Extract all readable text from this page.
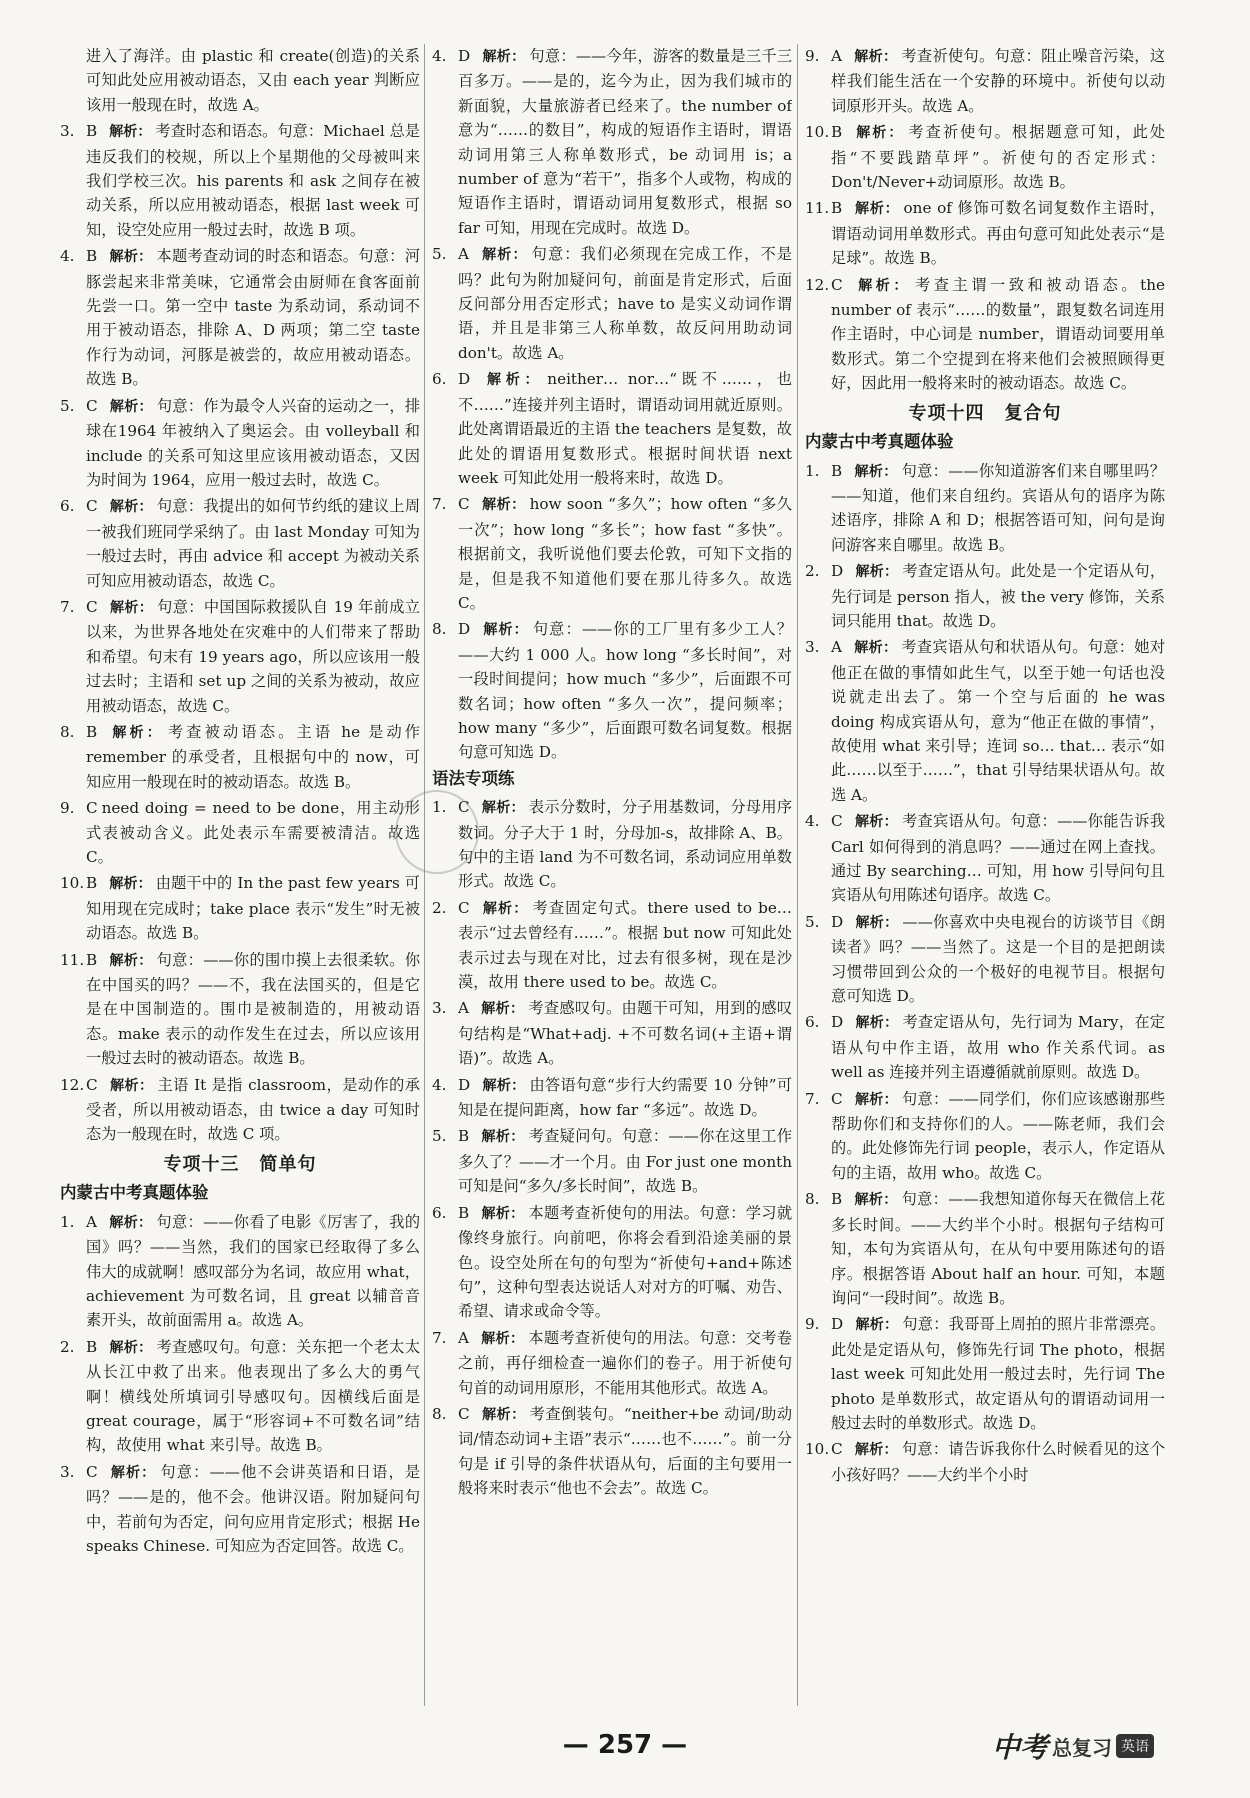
进入了海洋。由 plastic 和 create(创造)的关系可知此处应用被动语态，又由 each year 判断应该用一般现在时，故选 A。
3. B 解析： 考查时态和语态。句意：Michael 总是违反我们的校规，所以上个星期他的父母被叫来我们学校三次。his parents 和 ask 之间存在被动关系，所以应用被动语态，根据 last week 可知，设空处应用一般过去时，故选 B 项。
4. B 解析： 本题考查动词的时态和语态。句意：河豚尝起来非常美味，它通常会由厨师在食客面前先尝一口。第一空中 taste 为系动词，系动词不用于被动语态，排除 A、D 两项；第二空 taste 作行为动词，河豚是被尝的，故应用被动语态。故选 B。
5. C 解析： 句意：作为最令人兴奋的运动之一，排球在1964 年被纳入了奥运会。由 volleyball 和 include 的关系可知这里应该用被动语态，又因为时间为 1964，应用一般过去时，故选 C。
6. C 解析： 句意：我提出的如何节约纸的建议上周一被我们班同学采纳了。由 last Monday 可知为一般过去时，再由 advice 和 accept 为被动关系可知应用被动语态，故选 C。
7. C 解析： 句意：中国国际救援队自 19 年前成立以来，为世界各地处在灾难中的人们带来了帮助和希望。句末有 19 years ago，所以应该用一般过去时；主语和 set up 之间的关系为被动，故应用被动语态，故选 C。
8. B 解析： 考查被动语态。主语 he 是动作 remember 的承受者，且根据句中的 now，可知应用一般现在时的被动语态。故选 B。
9. C need doing = need to be done，用主动形式表被动含义。此处表示车需要被清洁。故选 C。
10. B 解析： 由题干中的 In the past few years 可知用现在完成时；take place 表示“发生”时无被动语态。故选 B。
11. B 解析： 句意：——你的围巾摸上去很柔软。你在中国买的吗？——不，我在法国买的，但是它是在中国制造的。围巾是被制造的，用被动语态。make 表示的动作发生在过去，所以应该用一般过去时的被动语态。故选 B。
12. C 解析： 主语 It 是指 classroom，是动作的承受者，所以用被动语态，由 twice a day 可知时态为一般现在时，故选 C 项。
专项十三 简单句
内蒙古中考真题体验
1. A 解析： 句意：——你看了电影《厉害了，我的国》吗？——当然，我们的国家已经取得了多么伟大的成就啊！感叹部分为名词，故应用 what，achievement 为可数名词，且 great 以辅音音素开头，故前面需用 a。故选 A。
2. B 解析： 考查感叹句。句意：关东把一个老太太从长江中救了出来。他表现出了多么大的勇气啊！横线处所填词引导感叹句。因横线后面是 great courage，属于“形容词+不可数名词”结构，故使用 what 来引导。故选 B。
3. C 解析： 句意：——他不会讲英语和日语，是吗？——是的，他不会。他讲汉语。附加疑问句中，若前句为否定，问句应用肯定形式；根据 He speaks Chinese. 可知应为否定回答。故选 C。
4. D 解析： 句意：——今年，游客的数量是三千三百多万。——是的，迄今为止，因为我们城市的新面貌，大量旅游者已经来了。the number of 意为“……的数目”，构成的短语作主语时，谓语动词用第三人称单数形式，be 动词用 is；a number of 意为“若干”，指多个人或物，构成的短语作主语时，谓语动词用复数形式，根据 so far 可知，用现在完成时。故选 D。
5. A 解析： 句意：我们必须现在完成工作，不是吗？此句为附加疑问句，前面是肯定形式，后面反问部分用否定形式；have to 是实义动词作谓语，并且是非第三人称单数，故反问用助动词 don't。故选 A。
6. D 解析： neither… nor…“既不……，也不……”连接并列主语时，谓语动词用就近原则。此处离谓语最近的主语 the teachers 是复数，故此处的谓语用复数形式。根据时间状语 next week 可知此处用一般将来时，故选 D。
7. C 解析： how soon “多久”；how often “多久一次”；how long “多长”；how fast “多快”。根据前文，我听说他们要去伦敦，可知下文指的是，但是我不知道他们要在那儿待多久。故选 C。
8. D 解析： 句意：——你的工厂里有多少工人？——大约 1 000 人。how long “多长时间”，对一段时间提问；how much “多少”，后面跟不可数名词；how often “多久一次”，提问频率；how many “多少”，后面跟可数名词复数。根据句意可知选 D。
语法专项练
1. C 解析： 表示分数时，分子用基数词，分母用序数词。分子大于 1 时，分母加-s，故排除 A、B。句中的主语 land 为不可数名词，系动词应用单数形式。故选 C。
2. C 解析： 考查固定句式。there used to be… 表示“过去曾经有……”。根据 but now 可知此处表示过去与现在对比，过去有很多树，现在是沙漠，故用 there used to be。故选 C。
3. A 解析： 考查感叹句。由题干可知，用到的感叹句结构是“What+adj. +不可数名词(+主语+谓语)”。故选 A。
4. D 解析： 由答语句意“步行大约需要 10 分钟”可知是在提问距离，how far “多远”。故选 D。
5. B 解析： 考查疑问句。句意：——你在这里工作多久了？——才一个月。由 For just one month 可知是问“多久/多长时间”，故选 B。
6. B 解析： 本题考查祈使句的用法。句意：学习就像终身旅行。向前吧，你将会看到沿途美丽的景色。设空处所在句的句型为“祈使句+and+陈述句”，这种句型表达说话人对对方的叮嘱、劝告、希望、请求或命令等。
7. A 解析： 本题考查祈使句的用法。句意：交考卷之前，再仔细检查一遍你们的卷子。用于祈使句句首的动词用原形，不能用其他形式。故选 A。
8. C 解析： 考查倒装句。“neither+be 动词/助动词/情态动词+主语”表示“……也不……”。前一分句是 if 引导的条件状语从句，后面的主句要用一般将来时表示“他也不会去”。故选 C。
9. A 解析： 考查祈使句。句意：阻止噪音污染，这样我们能生活在一个安静的环境中。祈使句以动词原形开头。故选 A。
10. B 解析： 考查祈使句。根据题意可知，此处指“不要践踏草坪”。祈使句的否定形式：Don't/Never+动词原形。故选 B。
11. B 解析： one of 修饰可数名词复数作主语时，谓语动词用单数形式。再由句意可知此处表示“是足球”。故选 B。
12. C 解析： 考查主谓一致和被动语态。the number of 表示“……的数量”，跟复数名词连用作主语时，中心词是 number，谓语动词要用单数形式。第二个空提到在将来他们会被照顾得更好，因此用一般将来时的被动语态。故选 C。
专项十四 复合句
内蒙古中考真题体验
1. B 解析： 句意：——你知道游客们来自哪里吗？——知道，他们来自纽约。宾语从句的语序为陈述语序，排除 A 和 D；根据答语可知，问句是询问游客来自哪里。故选 B。
2. D 解析： 考查定语从句。此处是一个定语从句，先行词是 person 指人，被 the very 修饰，关系词只能用 that。故选 D。
3. A 解析： 考查宾语从句和状语从句。句意：她对他正在做的事情如此生气，以至于她一句话也没说就走出去了。第一个空与后面的 he was doing 构成宾语从句，意为“他正在做的事情”，故使用 what 来引导；连词 so… that… 表示“如此……以至于……”，that 引导结果状语从句。故选 A。
4. C 解析： 考查宾语从句。句意：——你能告诉我 Carl 如何得到的消息吗？——通过在网上查找。通过 By searching… 可知，用 how 引导问句且宾语从句用陈述句语序。故选 C。
5. D 解析： ——你喜欢中央电视台的访谈节目《朗读者》吗？——当然了。这是一个目的是把朗读习惯带回到公众的一个极好的电视节目。根据句意可知选 D。
6. D 解析： 考查定语从句，先行词为 Mary，在定语从句中作主语，故用 who 作关系代词。as well as 连接并列主语遵循就前原则。故选 D。
7. C 解析： 句意：——同学们，你们应该感谢那些帮助你们和支持你们的人。——陈老师，我们会的。此处修饰先行词 people，表示人，作定语从句的主语，故用 who。故选 C。
8. B 解析： 句意：——我想知道你每天在微信上花多长时间。——大约半个小时。根据句子结构可知，本句为宾语从句，在从句中要用陈述句的语序。根据答语 About half an hour. 可知，本题询问“一段时间”。故选 B。
9. D 解析： 句意：我哥哥上周拍的照片非常漂亮。此处是定语从句，修饰先行词 The photo，根据 last week 可知此处用一般过去时，先行词 The photo 是单数形式，故定语从句的谓语动词用一般过去时的单数形式。故选 D。
10. C 解析： 句意：请告诉我你什么时候看见的这个小孩好吗？——大约半个小时
— 257 —	中考 总复习 英语
